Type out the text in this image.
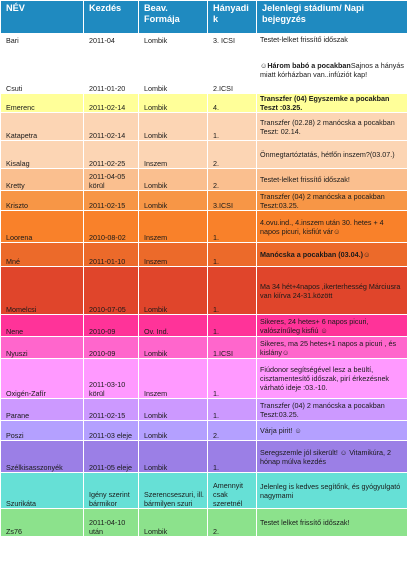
NÉV	Kezdés	Beav. Formája	Hányadik	Jelenlegi stádium/ Napi bejegyzés
Bari	2011-04	Lombik	3. ICSI	Testet-lelket frissítő időszak
Csuti	2011-01-20	Lombik	2.ICSI	☺Három babó a pocakbanSajnos a hányás miatt kórházban van..infúziót kap!
Emerenc	2011-02-14	Lombik	4.	Transzfer (04) Egyszemke a pocakban Teszt :03.25.
Katapetra	2011-02-14	Lombik	1.	Transzfer (02.28) 2 manócska a pocakban Teszt: 02.14.
Kisalag	2011-02-25	Inszem	2.	Önmegtartóztatás, hétfőn inszem?(03.07.)
Kretty	2011-04-05 körül	Lombik	2.	Testet-lelket frissítő időszak!
Kriszto	2011-02-15	Lombik	3.ICSI	Transzfer (04) 2 manócska a pocakban Teszt:03.25.
Loorena	2010-08-02	Inszem	1.	4.ovu.ind., 4.inszem után 30. hetes + 4 napos picuri, kisfiút vár☺
Mné	2011-01-10	Inszem	1.	Manócska a pocakban (03.04.)☺
Momelcsi	2010-07-05	Lombik	1.	Ma 34 hét+4napos ,ikerterhesség Márciusra van kiírva 24-31.között
Nene	2010-09	Ov. Ind.	1.	Sikeres, 24 hetes+ 6 napos picuri, valószínűleg kisfiú ☺
Nyuszi	2010-09	Lombik	1.ICSI	Sikeres, ma 25 hetes+1 napos a picuri , és kislány☺
Oxigén-Zafír	2011-03-10 körül	Inszem	1.	Fiúdonor segítségével lesz a beültí, cisztamentesítő időszak, pirí érkezésnek várható ideje :03.-10.
Parane	2011-02-15	Lombik	1.	Transzfer (04) 2 manócska a pocakban Teszt:03.25.
Poszi	2011-03 eleje	Lombik	2.	Várja pirit! ☺
Szélkisasszonyék	2011-05 eleje	Lombik	1.	Seregszemle jól sikerült! ☺ Vitamikúra, 2 hónap múlva kezdés
Szurikáta	Igény szerint bármikor	Szerencseszuri, ill. bármilyen szuri	Amennyit csak szeretnél	Jelenleg is kedves segítőnk, és gyógyulgató nagymami
Zs76	2011-04-10 után	Lombik	2.	Testet lelket frissítő időszak!
